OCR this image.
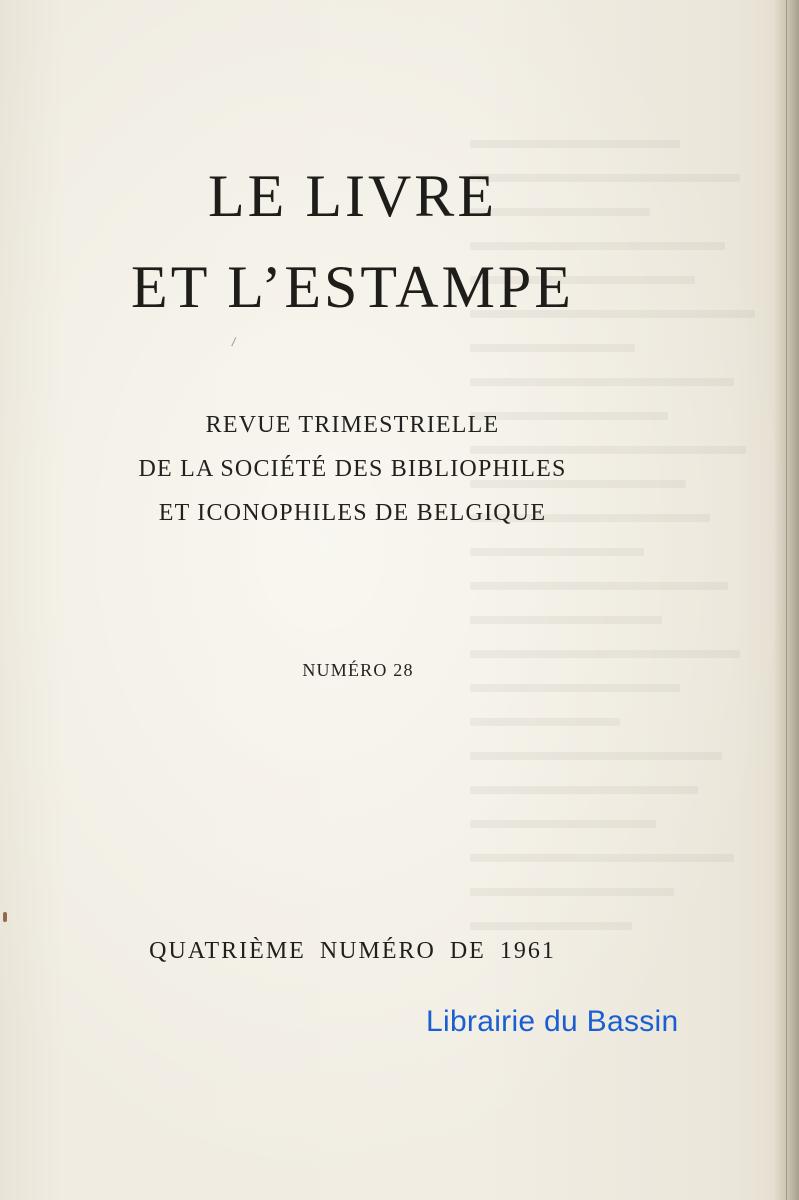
LE LIVRE
ET L’ESTAMPE
REVUE TRIMESTRIELLE
DE LA SOCIÉTÉ DES BIBLIOPHILES
ET ICONOPHILES DE BELGIQUE
NUMÉRO 28
QUATRIÈME NUMÉRO DE 1961
Librairie du Bassin
